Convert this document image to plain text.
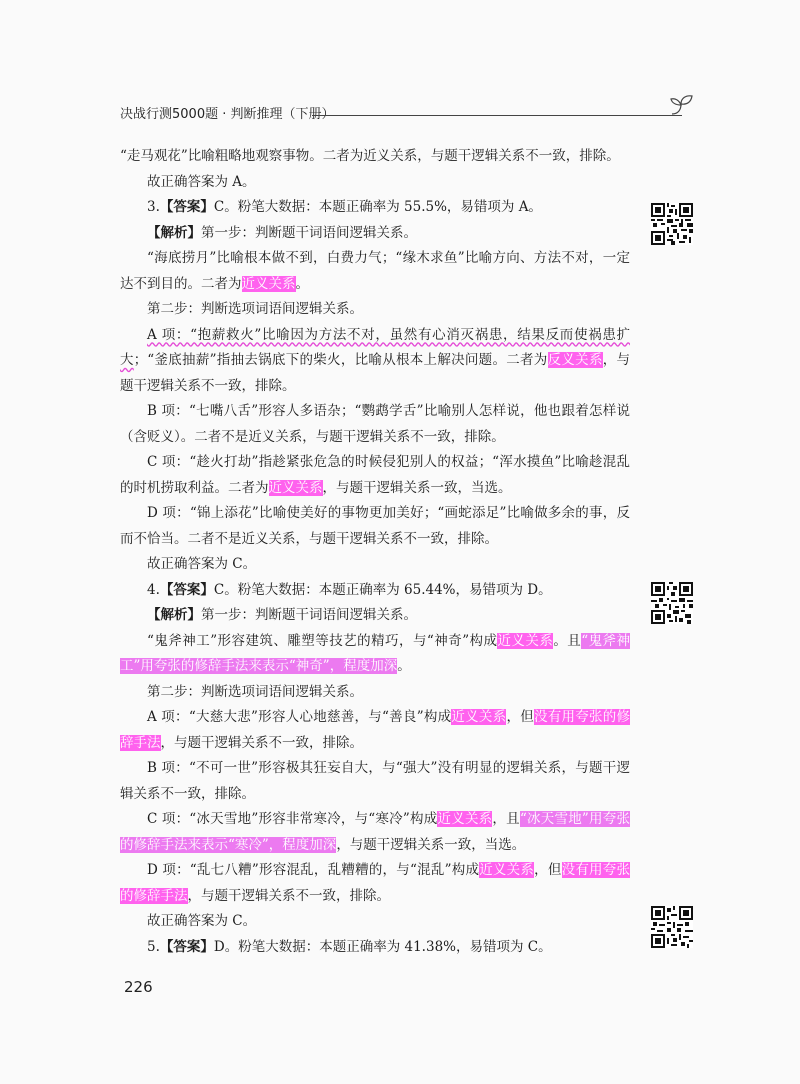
决战行测5000题 · 判断推理（下册）

“走马观花”比喻粗略地观察事物。二者为近义关系，与题干逻辑关系不一致，排除。

故正确答案为 A。

3.【答案】C。粉笔大数据：本题正确率为 55.5%，易错项为 A。

【解析】第一步：判断题干词语间逻辑关系。

“海底捞月”比喻根本做不到，白费力气；“缘木求鱼”比喻方向、方法不对，一定达不到目的。二者为近义关系。

第二步：判断选项词语间逻辑关系。

A 项：“抱薪救火”比喻因为方法不对，虽然有心消灭祸患，结果反而使祸患扩大；“釜底抽薪”指抽去锅底下的柴火，比喻从根本上解决问题。二者为反义关系，与题干逻辑关系不一致，排除。

B 项：“七嘴八舌”形容人多语杂；“鹦鹉学舌”比喻别人怎样说，他也跟着怎样说（含贬义）。二者不是近义关系，与题干逻辑关系不一致，排除。

C 项：“趁火打劫”指趁紧张危急的时候侵犯别人的权益；“浑水摸鱼”比喻趁混乱的时机捞取利益。二者为近义关系，与题干逻辑关系一致，当选。

D 项：“锦上添花”比喻使美好的事物更加美好；“画蛇添足”比喻做多余的事，反而不恰当。二者不是近义关系，与题干逻辑关系不一致，排除。

故正确答案为 C。

4.【答案】C。粉笔大数据：本题正确率为 65.44%，易错项为 D。

【解析】第一步：判断题干词语间逻辑关系。

“鬼斧神工”形容建筑、雕塑等技艺的精巧，与“神奇”构成近义关系。且“鬼斧神工”用夸张的修辞手法来表示“神奇”，程度加深。

第二步：判断选项词语间逻辑关系。

A 项：“大慈大悲”形容人心地慈善，与“善良”构成近义关系，但没有用夸张的修辞手法，与题干逻辑关系不一致，排除。

B 项：“不可一世”形容极其狂妄自大，与“强大”没有明显的逻辑关系，与题干逻辑关系不一致，排除。

C 项：“冰天雪地”形容非常寒冷，与“寒冷”构成近义关系，且“冰天雪地”用夸张的修辞手法来表示“寒冷”，程度加深，与题干逻辑关系一致，当选。

D 项：“乱七八糟”形容混乱，乱糟糟的，与“混乱”构成近义关系，但没有用夸张的修辞手法，与题干逻辑关系不一致，排除。

故正确答案为 C。

5.【答案】D。粉笔大数据：本题正确率为 41.38%，易错项为 C。

226
